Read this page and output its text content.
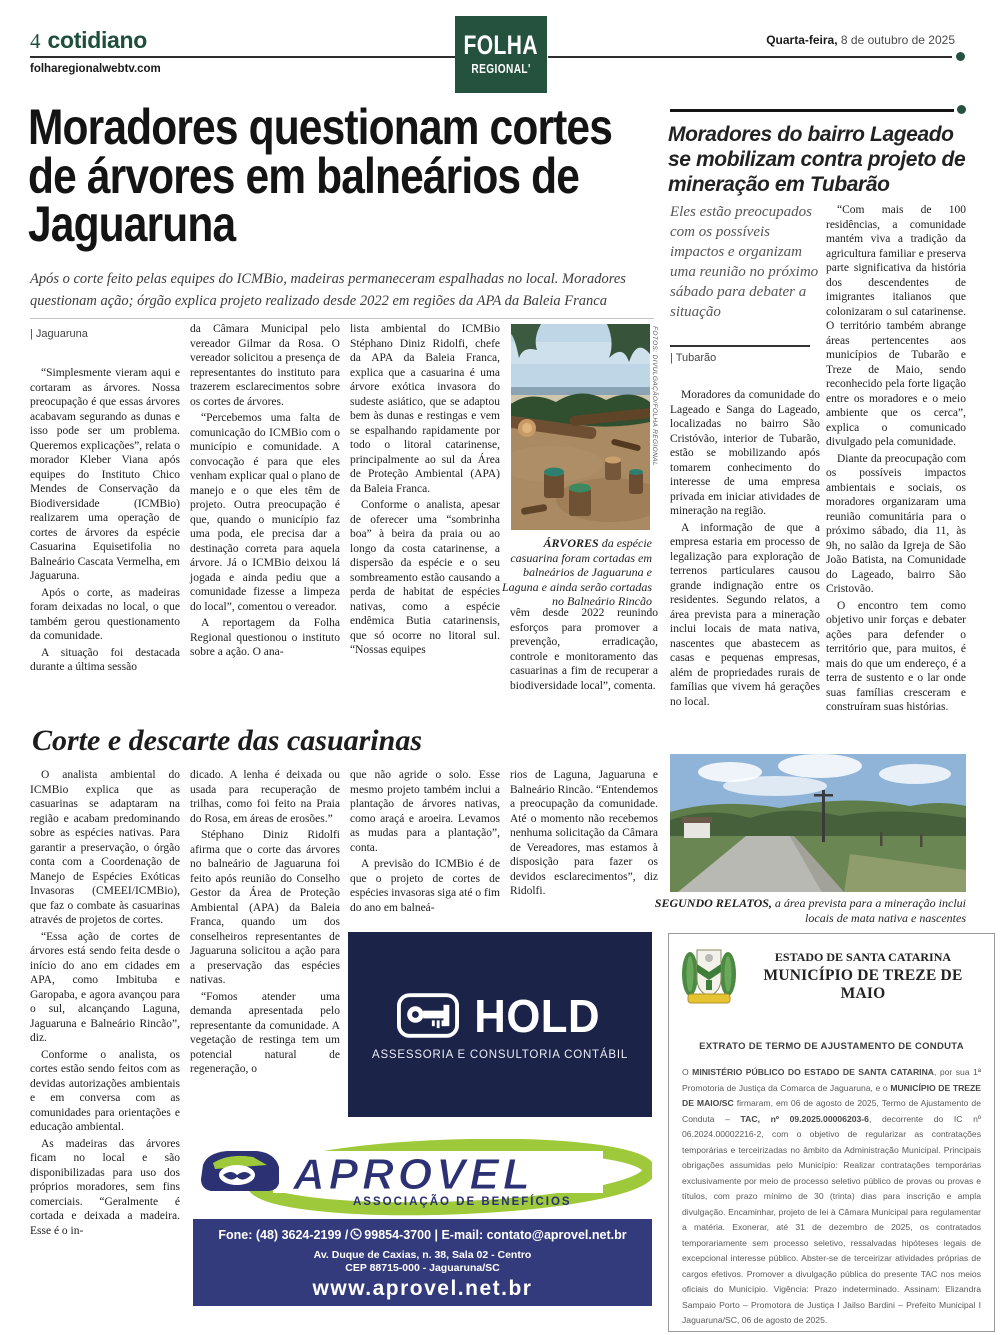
4 cotidiano
folharegionalwebtv.com
FOLHA
REGIONAL'
Quarta-feira, 8 de outubro de 2025
Moradores questionam cortes de árvores em balneários de Jaguaruna
Após o corte feito pelas equipes do ICMBio, madeiras permaneceram espalhadas no local. Moradores questionam ação; órgão explica projeto realizado desde 2022 em regiões da APA da Baleia Franca
| Jaguaruna

“Simplesmente vieram aqui e cortaram as árvores. Nossa preocupação é que essas árvores acabavam segurando as dunas e isso pode ser um problema. Queremos explicações”, relata o morador Kleber Viana após equipes do Instituto Chico Mendes de Conservação da Biodiversidade (ICMBio) realizarem uma operação de cortes de árvores da espécie Casuarina Equisetifolia no Balneário Cascata Vermelha, em Jaguaruna.

Após o corte, as madeiras foram deixadas no local, o que também gerou questionamento da comunidade.

A situação foi destacada durante a última sessão

da Câmara Municipal pelo vereador Gilmar da Rosa. O vereador solicitou a presença de representantes do instituto para trazerem esclarecimentos sobre os cortes de árvores.

“Percebemos uma falta de comunicação do ICMBio com o município e comunidade. A convocação é para que eles venham explicar qual o plano de manejo e o que eles têm de projeto. Outra preocupação é que, quando o município faz uma poda, ele precisa dar a destinação correta para aquela árvore. Já o ICMBio deixou lá jogada e ainda pediu que a comunidade fizesse a limpeza do local”, comentou o vereador.

A reportagem da Folha Regional questionou o instituto sobre a ação. O ana-

lista ambiental do ICMBio Stéphano Diniz Ridolfi, chefe da APA da Baleia Franca, explica que a casuarina é uma árvore exótica invasora do sudeste asiático, que se adaptou bem às dunas e restingas e vem se espalhando rapidamente por todo o litoral catarinense, principalmente ao sul da Área de Proteção Ambiental (APA) da Baleia Franca.

Conforme o analista, apesar de oferecer uma “sombrinha boa” à beira da praia ou ao longo da costa catarinense, a dispersão da espécie e o seu sombreamento estão causando a perda de habitat de espécies nativas, como a espécie endêmica Butia catarinensis, que só ocorre no litoral sul. “Nossas equipes

FOTOS: DIVULGAÇÃO/FOLHA REGIONAL
ÁRVORES da espécie casuarina foram cortadas em balneários de Jaguaruna e Laguna e ainda serão cortadas no Balneário Rincão

vêm desde 2022 reunindo esforços para promover a prevenção, erradicação, controle e monitoramento das casuarinas a fim de recuperar a biodiversidade local”, comenta.

Moradores do bairro Lageado
se mobilizam contra projeto de
mineração em Tubarão
Eles estão preocupados com os possíveis impactos e organizam uma reunião no próximo sábado para debater a situação
| Tubarão

Moradores da comunidade do Lageado e Sanga do Lageado, localizadas no bairro São Cristóvão, interior de Tubarão, estão se mobilizando após tomarem conhecimento do interesse de uma empresa privada em iniciar atividades de mineração na região.

A informação de que a empresa estaria em processo de legalização para exploração de terrenos particulares causou grande indignação entre os residentes. Segundo relatos, a área prevista para a mineração inclui locais de mata nativa, nascentes que abastecem as casas e pequenas empresas, além de propriedades rurais de famílias que vivem há gerações no local.

“Com mais de 100 residências, a comunidade mantém viva a tradição da agricultura familiar e preserva parte significativa da história dos descendentes de imigrantes italianos que colonizaram o sul catarinense. O território também abrange áreas pertencentes aos municípios de Tubarão e Treze de Maio, sendo reconhecido pela forte ligação entre os moradores e o meio ambiente que os cerca”, explica o comunicado divulgado pela comunidade.

Diante da preocupação com os possíveis impactos ambientais e sociais, os moradores organizaram uma reunião comunitária para o próximo sábado, dia 11, às 9h, no salão da Igreja de São João Batista, na Comunidade do Lageado, bairro São Cristovão.

O encontro tem como objetivo unir forças e debater ações para defender o território que, para muitos, é mais do que um endereço, é a terra de sustento e o lar onde suas famílias cresceram e construíram suas histórias.

SEGUNDO RELATOS, a área prevista para a mineração inclui locais de mata nativa e nascentes
Corte e descarte das casuarinas

O analista ambiental do ICMBio explica que as casuarinas se adaptaram na região e acabam predominando sobre as espécies nativas. Para garantir a preservação, o órgão conta com a Coordenação de Manejo de Espécies Exóticas Invasoras (CMEEI/ICMBio), que faz o combate às casuarinas através de projetos de cortes.

“Essa ação de cortes de árvores está sendo feita desde o início do ano em cidades em APA, como Imbituba e Garopaba, e agora avançou para o sul, alcançando Laguna, Jaguaruna e Balneário Rincão”, diz.

Conforme o analista, os cortes estão sendo feitos com as devidas autorizações ambientais e em conversa com as comunidades para orientações e educação ambiental.

As madeiras das árvores ficam no local e são disponibilizadas para uso dos próprios moradores, sem fins comerciais. “Geralmente é cortada e deixada a madeira. Esse é o in-

dicado. A lenha é deixada ou usada para recuperação de trilhas, como foi feito na Praia do Rosa, em áreas de erosões.”

Stéphano Diniz Ridolfi afirma que o corte das árvores no balneário de Jaguaruna foi feito após reunião do Conselho Gestor da Área de Proteção Ambiental (APA) da Baleia Franca, quando um dos conselheiros representantes de Jaguaruna solicitou a ação para a preservação das espécies nativas.

“Fomos atender uma demanda apresentada pelo representante da comunidade. A vegetação de restinga tem um potencial natural de regeneração, o

que não agride o solo. Esse mesmo projeto também inclui a plantação de árvores nativas, como araçá e aroeira. Levamos as mudas para a plantação”, conta.

A previsão do ICMBio é de que o projeto de cortes de espécies invasoras siga até o fim do ano em balneá-

rios de Laguna, Jaguaruna e Balneário Rincão. “Entendemos a preocupação da comunidade. Até o momento não recebemos nenhuma solicitação da Câmara de Vereadores, mas estamos à disposição para fazer os devidos esclarecimentos”, diz Ridolfi.

HOLD
ASSESSORIA E CONSULTORIA CONTÁBIL
APROVEL
ASSOCIAÇÃO DE BENEFÍCIOS
Fone: (48) 3624-2199 / 99854-3700 | E-mail: contato@aprovel.net.br
Av. Duque de Caxias, n. 38, Sala 02 - Centro
CEP 88715-000 - Jaguaruna/SC
www.aprovel.net.br
ESTADO DE SANTA CATARINA
MUNICÍPIO DE TREZE DE MAIO
EXTRATO DE TERMO DE AJUSTAMENTO DE CONDUTA
O MINISTÉRIO PÚBLICO DO ESTADO DE SANTA CATARINA, por sua 1ª Promotoria de Justiça da Comarca de Jaguaruna, e o MUNICÍPIO DE TREZE DE MAIO/SC firmaram, em 06 de agosto de 2025, Termo de Ajustamento de Conduta – TAC, nº 09.2025.00006203-6, decorrente do IC nº 06.2024.00002216-2, com o objetivo de regularizar as contratações temporárias e terceirizadas no âmbito da Administração Municipal. Principais obrigações assumidas pelo Município: Realizar contratações temporárias exclusivamente por meio de processo seletivo público de provas ou provas e títulos, com prazo mínimo de 30 (trinta) dias para inscrição e ampla divulgação. Encaminhar, projeto de lei à Câmara Municipal para regulamentar a matéria. Exonerar, até 31 de dezembro de 2025, os contratados temporariamente sem processo seletivo, ressalvadas hipóteses legais de excepcional interesse público. Abster-se de terceirizar atividades próprias de cargos efetivos. Promover a divulgação pública do presente TAC nos meios oficiais do Município. Vigência: Prazo indeterminado. Assinam: Elizandra Sampaio Porto – Promotora de Justiça I Jailso Bardini – Prefeito Municipal I Jaguaruna/SC, 06 de agosto de 2025.
